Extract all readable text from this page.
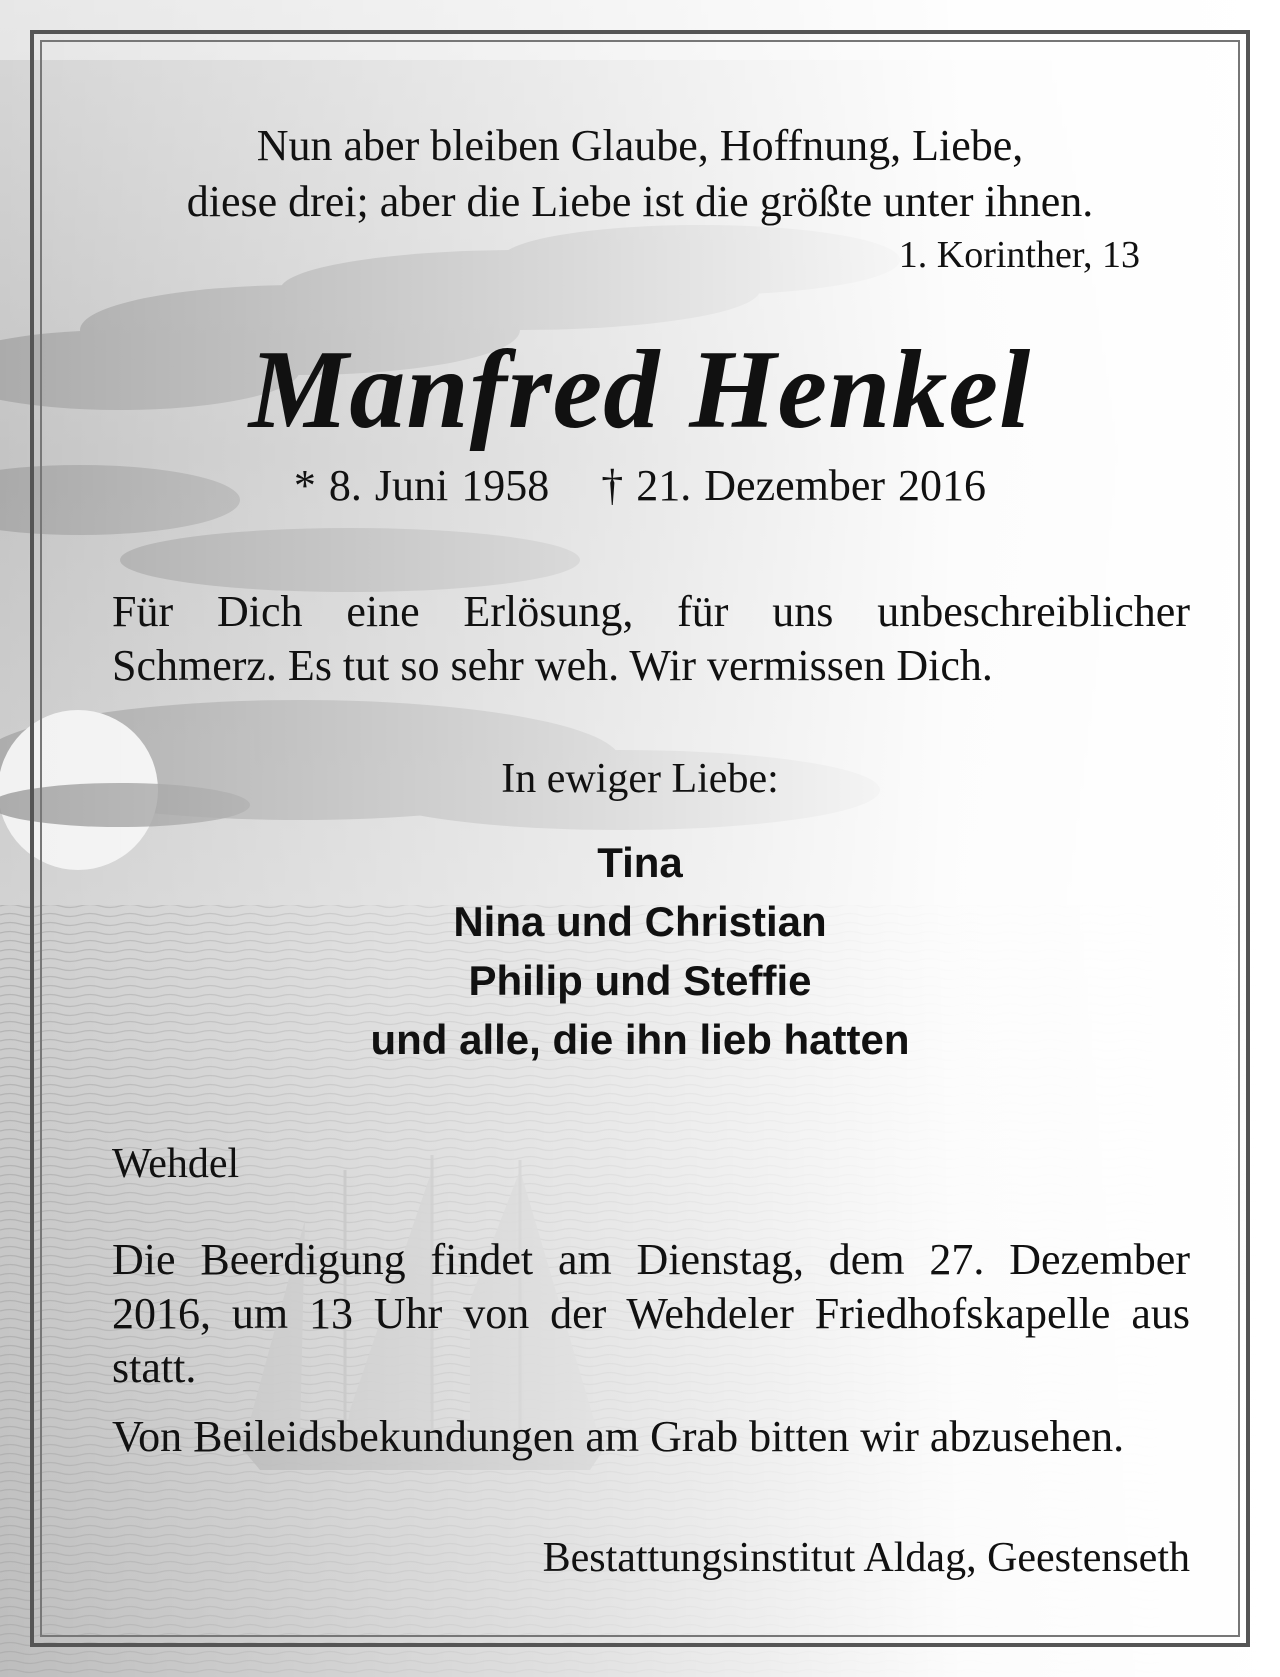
Nun aber bleiben Glaube, Hoffnung, Liebe,
diese drei; aber die Liebe ist die größte unter ihnen.
1. Korinther, 13
Manfred Henkel
* 8. Juni 1958 † 21. Dezember 2016
Für Dich eine Erlösung, für uns unbeschreiblicher
Schmerz. Es tut so sehr weh. Wir vermissen Dich.
In ewiger Liebe:
Tina
Nina und Christian
Philip und Steffie
und alle, die ihn lieb hatten
Wehdel
Die Beerdigung findet am Dienstag, dem 27. Dezember 2016, um 13 Uhr von der Wehdeler Friedhofskapelle aus statt.
Von Beileidsbekundungen am Grab bitten wir abzusehen.
Bestattungsinstitut Aldag, Geestenseth
